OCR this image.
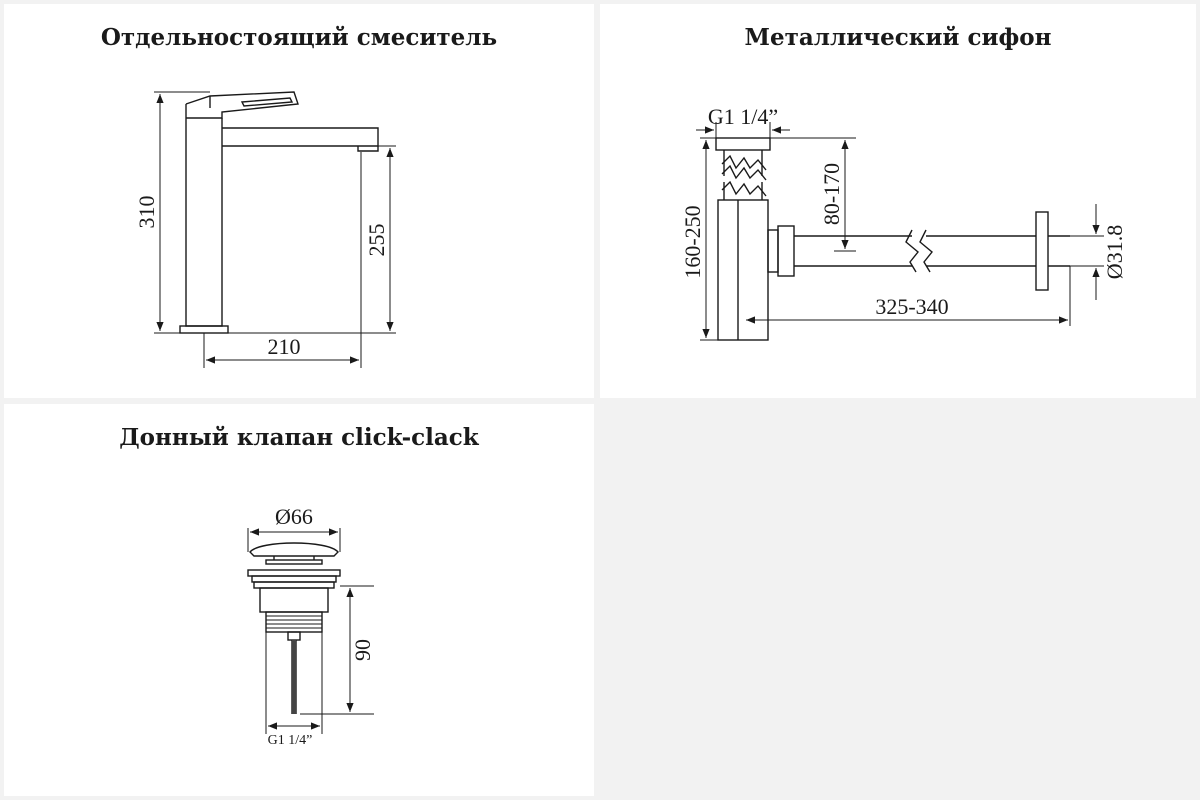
Отдельностоящий смеситель
310
255
210
Металлический сифон
G1 1/4”
160-250
80-170
325-340
Ø31.8
Донный клапан click-clack
Ø66
90
G1 1/4”
